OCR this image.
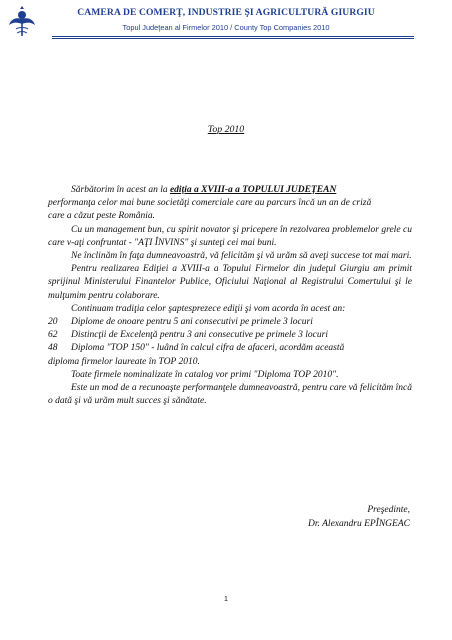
CAMERA DE COMERŢ, INDUSTRIE ŞI AGRICULTURĂ GIURGIU
Topul Judeţean al Firmelor 2010 / County Top Companies 2010
Top 2010

Sărbătorim în acest an la ediţia a XVIII-a a TOPULUI JUDEŢEAN

performanţa celor mai bune societăţi comerciale care au parcurs încă un an de criză

care a căzut peste România.

Cu un management bun, cu spirit novator şi pricepere în rezolvarea problemelor grele cu care v-aţi confruntat - "AŢI ÎNVINS" şi sunteţi cei mai buni.

Ne înclinăm în faţa dumneavoastră, vă felicităm şi vă urăm să aveţi succese tot mai mari.

Pentru realizarea Ediţiei a XVIII-a a Topului Firmelor din judeţul Giurgiu am primit sprijinul Ministerului Finantelor Publice, Oficiului Naţional al Registrului Comertului şi le mulţumim pentru colaborare.

Continuam tradiţia celor şaptesprezece ediţii şi vom acorda în acest an:

20	Diplome de onoare pentru 5 ani consecutivi pe primele 3 locuri
62	Distincţii de Excelenţă pentru 3 ani consecutive pe primele 3 locuri
48	Diploma "TOP 150" - luând în calcul cifra de afaceri, acordăm această

diploma firmelor laureate în TOP 2010.

Toate firmele nominalizate în catalog vor primi "Diploma TOP 2010".

Este un mod de a recunoaşte performanţele dumneavoastră, pentru care vă felicităm încă o dată şi vă urăm mult succes şi sănătate.

Preşedinte,
Dr. Alexandru EPÎNGEAC
1
